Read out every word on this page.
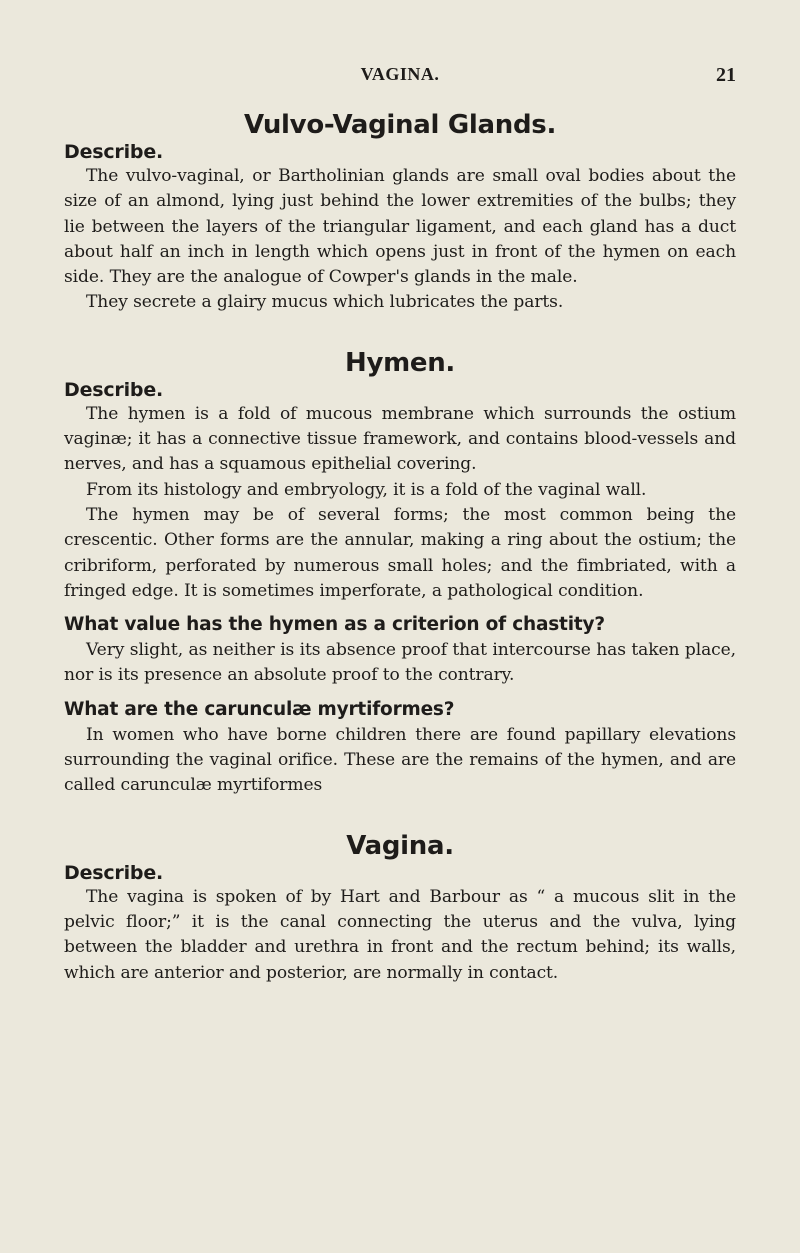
VAGINA.	21
Vulvo-Vaginal Glands.
Describe.

The vulvo-vaginal, or Bartholinian glands are small oval bodies about the size of an almond, lying just behind the lower extremities of the bulbs; they lie between the layers of the triangular ligament, and each gland has a duct about half an inch in length which opens just in front of the hymen on each side. They are the analogue of Cowper's glands in the male.

They secrete a glairy mucus which lubricates the parts.

Hymen.
Describe.

The hymen is a fold of mucous membrane which surrounds the ostium vaginæ; it has a connective tissue framework, and contains blood-vessels and nerves, and has a squamous epithelial covering.

From its histology and embryology, it is a fold of the vaginal wall.

The hymen may be of several forms; the most common being the crescentic. Other forms are the annular, making a ring about the ostium; the cribriform, perforated by numerous small holes; and the fimbriated, with a fringed edge. It is sometimes imperforate, a pathological condition.

What value has the hymen as a criterion of chastity?

Very slight, as neither is its absence proof that intercourse has taken place, nor is its presence an absolute proof to the contrary.

What are the carunculæ myrtiformes?

In women who have borne children there are found papillary elevations surrounding the vaginal orifice. These are the remains of the hymen, and are called carunculæ myrtiformes

Vagina.
Describe.

The vagina is spoken of by Hart and Barbour as “ a mucous slit in the pelvic floor;” it is the canal connecting the uterus and the vulva, lying between the bladder and urethra in front and the rectum behind; its walls, which are anterior and posterior, are normally in contact.
